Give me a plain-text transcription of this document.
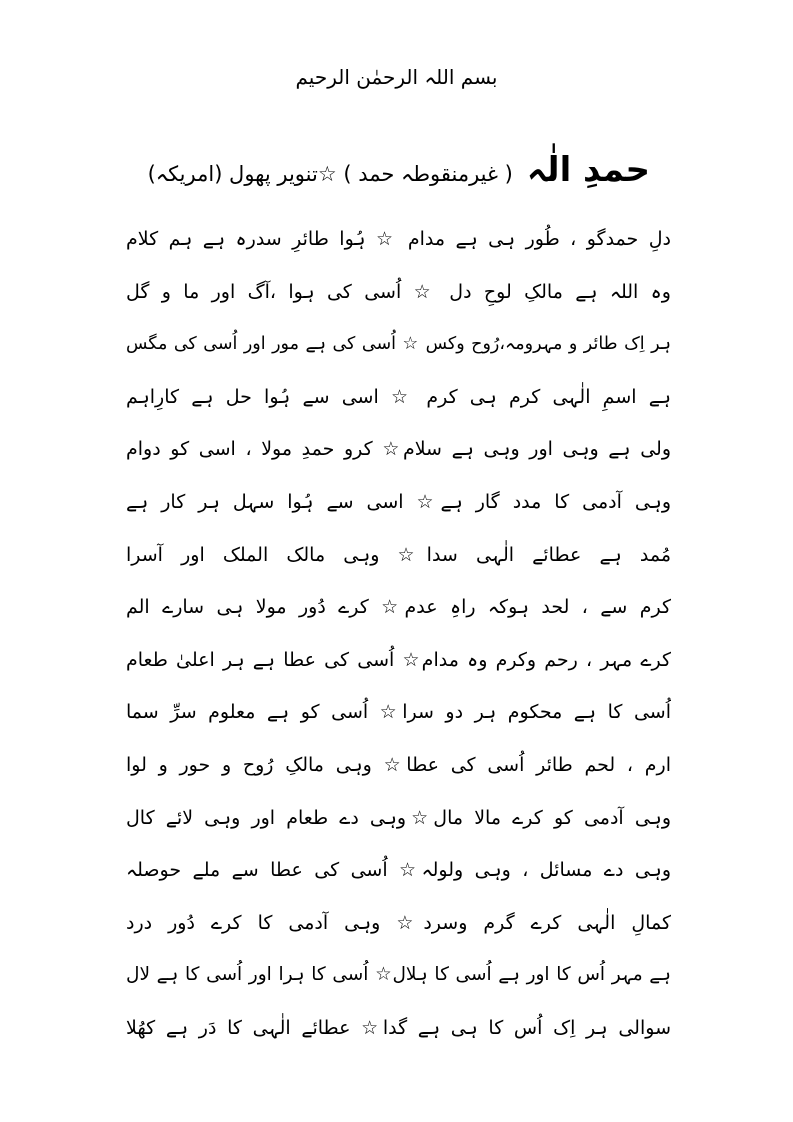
بسم اللہ الرحمٰن الرحیم
حمدِ الٰہ
( غیرمنقوطہ حمد ) ☆تنویر پھول (امریکہ)
دلِ حمدگو ، طُور ہی ہے مدام ☆ ہُوا طائرِ سدرہ ہے ہم کلام
وہ اللہ ہے مالکِ لوحِ دل ☆ اُسی کی ہوا ،آگ اور ما و گل
ہر اِک طائر و مہرومہ،رُوح وکس ☆ اُسی کی ہے مور اور اُسی کی مگس
ہے اسمِ الٰہی کرم ہی کرم ☆ اسی سے ہُوا حل ہے کارِاہم
ولی ہے وہی اور وہی ہے سلام☆ کرو حمدِ مولا ، اسی کو دوام
وہی آدمی کا مدد گار ہے☆ اسی سے ہُوا سہل ہر کار ہے
مُمد ہے عطائے الٰہی سدا☆ وہی مالک الملک اور آسرا
کرم سے ، لحد ہوکہ راہِ عدم☆ کرے دُور مولا ہی سارے الم
کرے مہر ، رحم وکرم وہ مدام☆ اُسی کی عطا ہے ہر اعلیٰ طعام
اُسی کا ہے محکوم ہر دو سرا☆ اُسی کو ہے معلوم سرِّ سما
ارم ، لحم طائر اُسی کی عطا☆ وہی مالکِ رُوح و حور و لوا
وہی آدمی کو کرے مالا مال☆وہی دے طعام اور وہی لائے کال
وہی دے مسائل ، وہی ولولہ☆ اُسی کی عطا سے ملے حوصلہ
کمالِ الٰہی کرے گرم وسرد☆ وہی آدمی کا کرے دُور درد
ہے مہر اُس کا اور ہے اُسی کا ہلال☆ اُسی کا ہرا اور اُسی کا ہے لال
سوالی ہر اِک اُس کا ہی ہے گدا☆ عطائے الٰہی کا دَر ہے کھُلا
